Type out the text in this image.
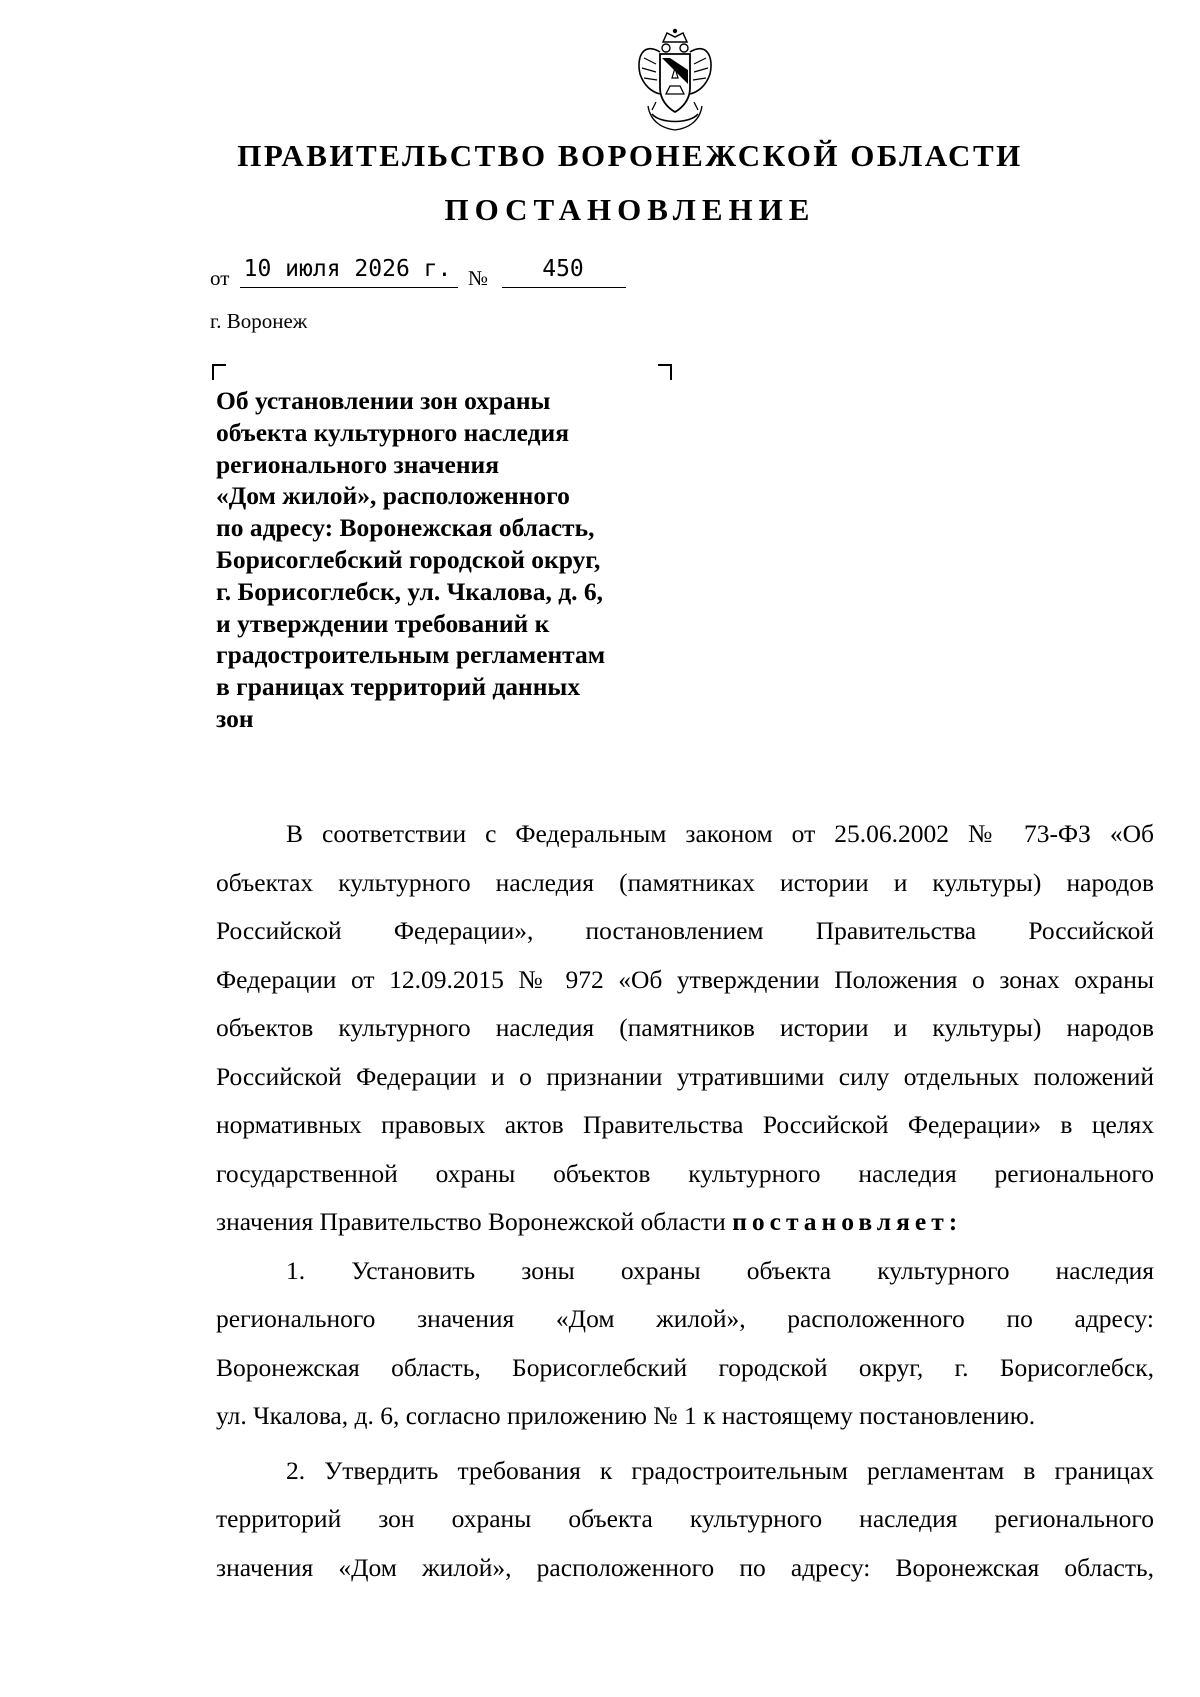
ПРАВИТЕЛЬСТВО ВОРОНЕЖСКОЙ ОБЛАСТИ
ПОСТАНОВЛЕНИЕ
от 10 июля 2026 г. №	450
г. Воронеж
Об установлении зон охраны
объекта культурного наследия
регионального значения
«Дом жилой», расположенного
по адресу: Воронежская область,
Борисоглебский городской округ,
г. Борисоглебск, ул. Чкалова, д. 6,
и утверждении требований к
градостроительным регламентам
в границах территорий данных
зон
В соответствии с Федеральным законом от 25.06.2002 № 73-ФЗ «Об
объектах культурного наследия (памятниках истории и культуры) народов
Российской Федерации», постановлением Правительства Российской
Федерации от 12.09.2015 № 972 «Об утверждении Положения о зонах охраны
объектов культурного наследия (памятников истории и культуры) народов
Российской Федерации и о признании утратившими силу отдельных положений
нормативных правовых актов Правительства Российской Федерации» в целях
государственной охраны объектов культурного наследия регионального
значения Правительство Воронежской области постановляет:
1. Установить зоны охраны объекта культурного наследия
регионального значения «Дом жилой», расположенного по адресу:
Воронежская область, Борисоглебский городской округ, г. Борисоглебск,
ул. Чкалова, д. 6, согласно приложению № 1 к настоящему постановлению.
2. Утвердить требования к градостроительным регламентам в границах
территорий зон охраны объекта культурного наследия регионального
значения «Дом жилой», расположенного по адресу: Воронежская область,
